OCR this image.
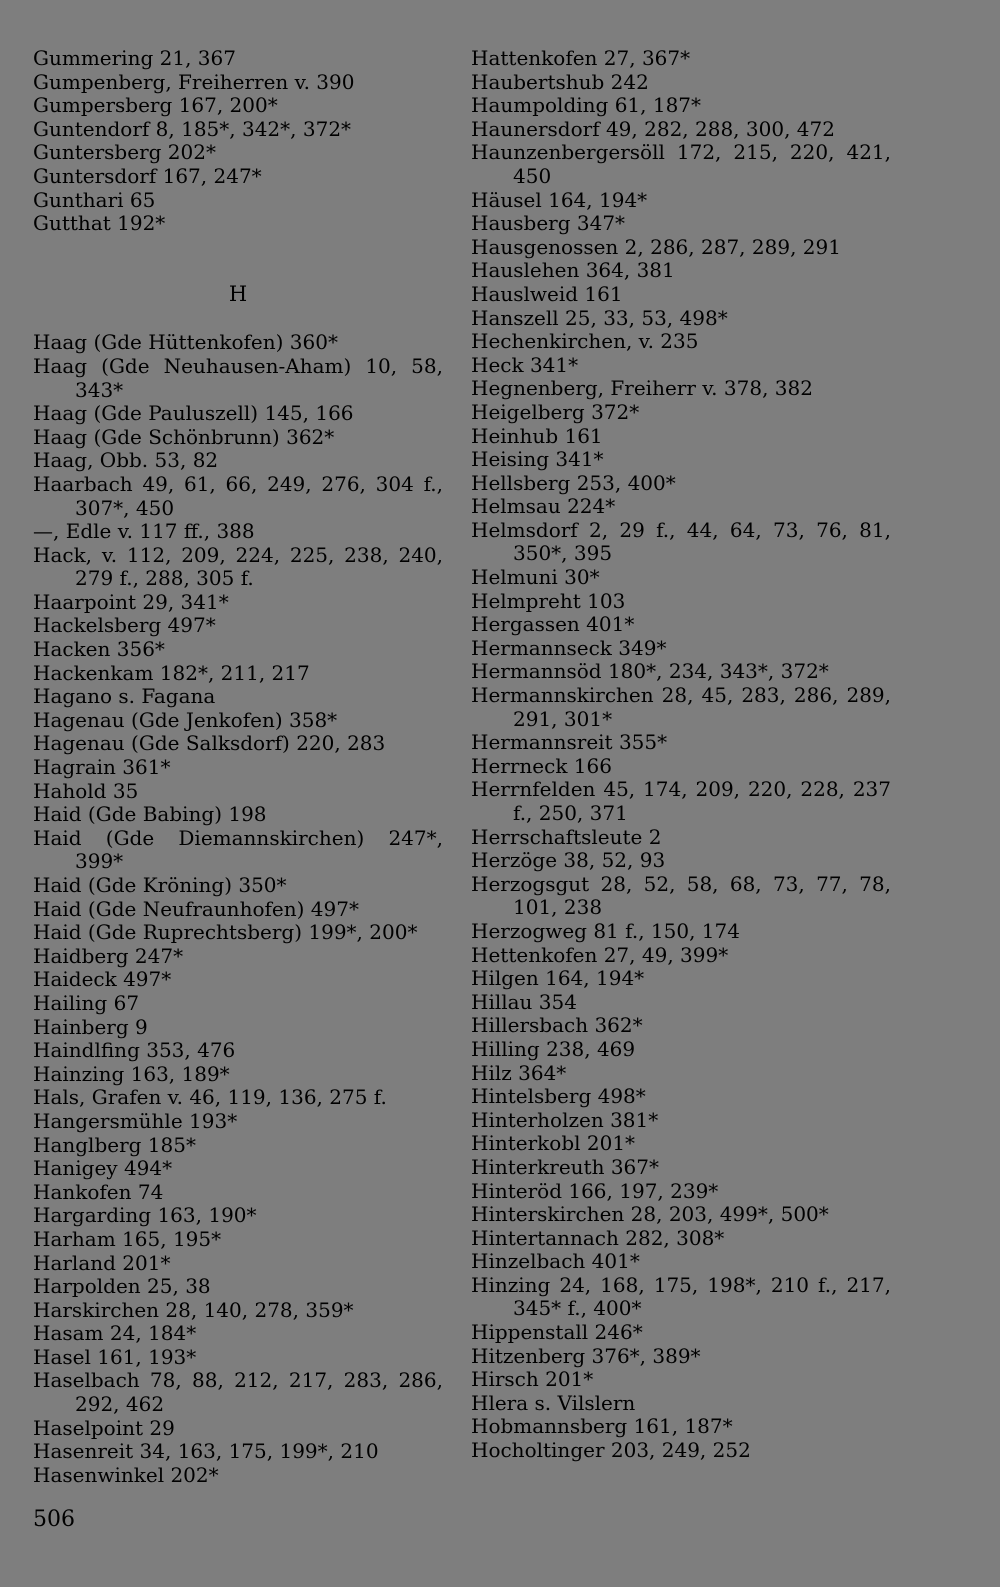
Gummering 21, 367
Gumpenberg, Freiherren v. 390
Gumpersberg 167, 200*
Guntendorf 8, 185*, 342*, 372*
Guntersberg 202*
Guntersdorf 167, 247*
Gunthari 65
Gutthat 192*
H
Haag (Gde Hüttenkofen) 360*
Haag (Gde Neuhausen-Aham) 10, 58, 343*
Haag (Gde Pauluszell) 145, 166
Haag (Gde Schönbrunn) 362*
Haag, Obb. 53, 82
Haarbach 49, 61, 66, 249, 276, 304 f., 307*, 450
—, Edle v. 117 ff., 388
Hack, v. 112, 209, 224, 225, 238, 240, 279 f., 288, 305 f.
Haarpoint 29, 341*
Hackelsberg 497*
Hacken 356*
Hackenkam 182*, 211, 217
Hagano s. Fagana
Hagenau (Gde Jenkofen) 358*
Hagenau (Gde Salksdorf) 220, 283
Hagrain 361*
Hahold 35
Haid (Gde Babing) 198
Haid (Gde Diemannskirchen) 247*, 399*
Haid (Gde Kröning) 350*
Haid (Gde Neufraunhofen) 497*
Haid (Gde Ruprechtsberg) 199*, 200*
Haidberg 247*
Haideck 497*
Hailing 67
Hainberg 9
Haindlfing 353, 476
Hainzing 163, 189*
Hals, Grafen v. 46, 119, 136, 275 f.
Hangersmühle 193*
Hanglberg 185*
Hanigey 494*
Hankofen 74
Hargarding 163, 190*
Harham 165, 195*
Harland 201*
Harpolden 25, 38
Harskirchen 28, 140, 278, 359*
Hasam 24, 184*
Hasel 161, 193*
Haselbach 78, 88, 212, 217, 283, 286, 292, 462
Haselpoint 29
Hasenreit 34, 163, 175, 199*, 210
Hasenwinkel 202*
Hattenkofen 27, 367*
Haubertshub 242
Haumpolding 61, 187*
Haunersdorf 49, 282, 288, 300, 472
Haunzenbergersöll 172, 215, 220, 421, 450
Häusel 164, 194*
Hausberg 347*
Hausgenossen 2, 286, 287, 289, 291
Hauslehen 364, 381
Hauslweid 161
Hanszell 25, 33, 53, 498*
Hechenkirchen, v. 235
Heck 341*
Hegnenberg, Freiherr v. 378, 382
Heigelberg 372*
Heinhub 161
Heising 341*
Hellsberg 253, 400*
Helmsau 224*
Helmsdorf 2, 29 f., 44, 64, 73, 76, 81, 350*, 395
Helmuni 30*
Helmpreht 103
Hergassen 401*
Hermannseck 349*
Hermannsöd 180*, 234, 343*, 372*
Hermannskirchen 28, 45, 283, 286, 289, 291, 301*
Hermannsreit 355*
Herrneck 166
Herrnfelden 45, 174, 209, 220, 228, 237 f., 250, 371
Herrschaftsleute 2
Herzöge 38, 52, 93
Herzogsgut 28, 52, 58, 68, 73, 77, 78, 101, 238
Herzogweg 81 f., 150, 174
Hettenkofen 27, 49, 399*
Hilgen 164, 194*
Hillau 354
Hillersbach 362*
Hilling 238, 469
Hilz 364*
Hintelsberg 498*
Hinterholzen 381*
Hinterkobl 201*
Hinterkreuth 367*
Hinteröd 166, 197, 239*
Hinterskirchen 28, 203, 499*, 500*
Hintertannach 282, 308*
Hinzelbach 401*
Hinzing 24, 168, 175, 198*, 210 f., 217, 345* f., 400*
Hippenstall 246*
Hitzenberg 376*, 389*
Hirsch 201*
Hlera s. Vilslern
Hobmannsberg 161, 187*
Hocholtinger 203, 249, 252
506
